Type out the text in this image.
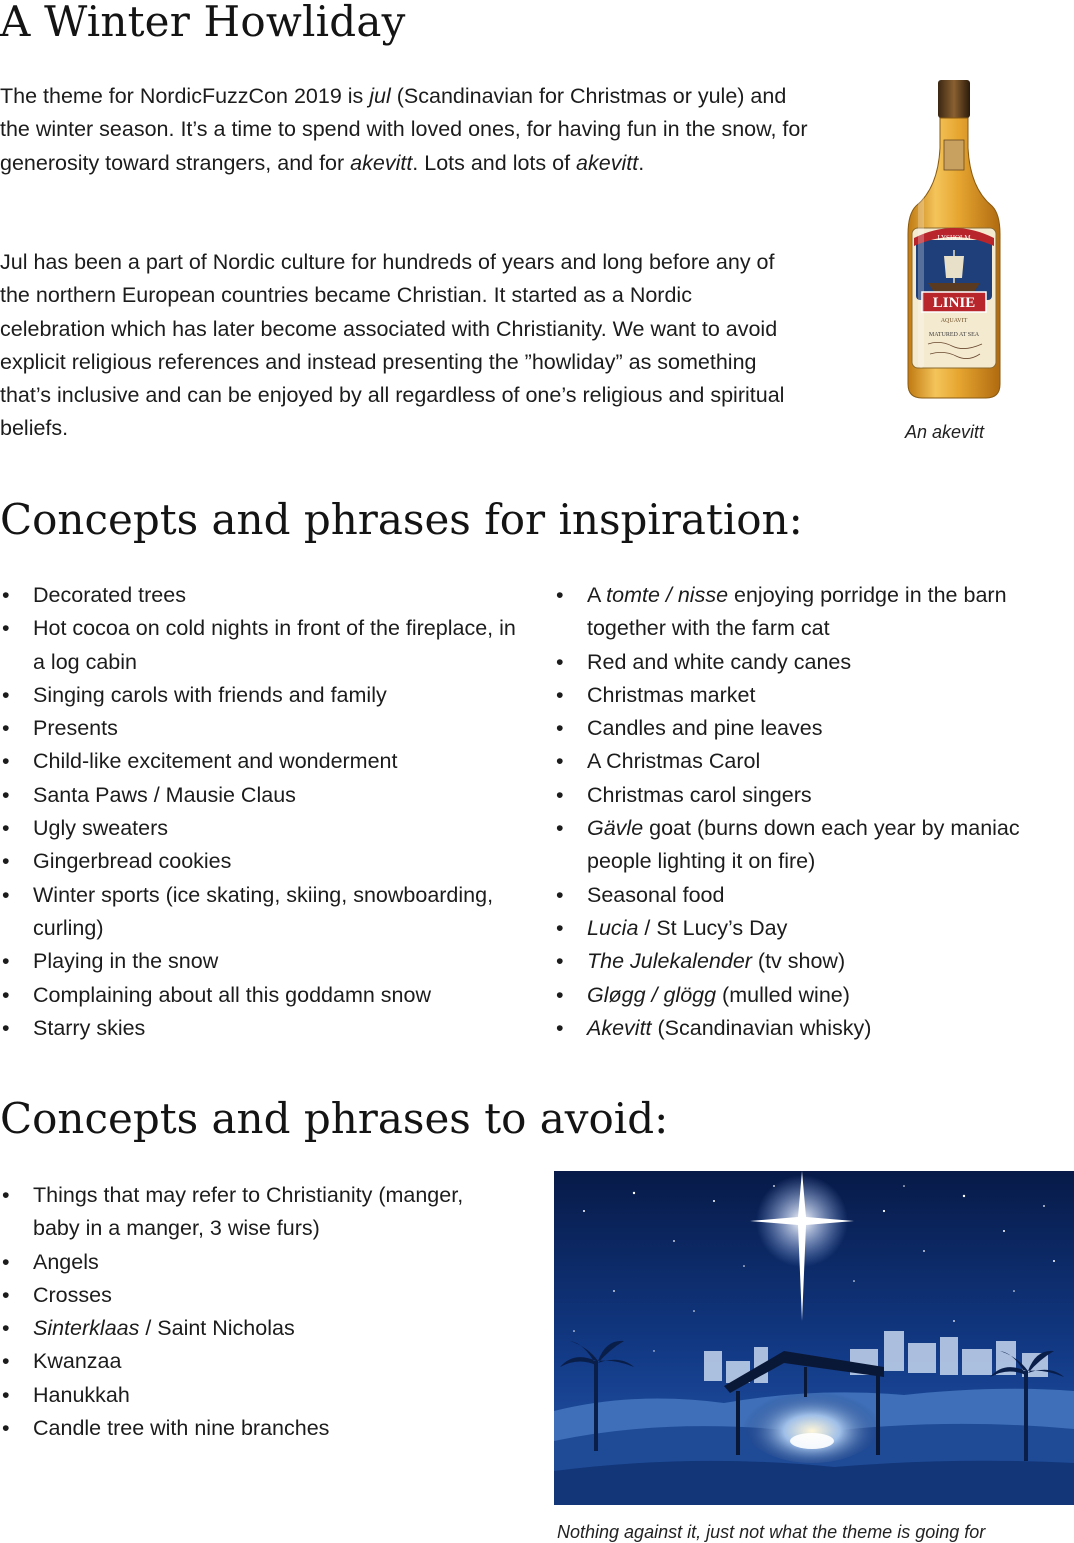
A Winter Howliday

The theme for NordicFuzzCon 2019 is jul (Scandinavian for Christmas or yule) and the winter season. It’s a time to spend with loved ones, for having fun in the snow, for generosity toward strangers, and for akevitt. Lots and lots of akevitt.

Jul has been a part of Nordic culture for hundreds of years and long before any of the northern European countries became Christian. It started as a Nordic celebration which has later become associated with Christianity. We want to avoid explicit religious references and instead presenting the ”howliday” as something that’s inclusive and can be enjoyed by all regardless of one’s religious and spiritual beliefs.

LYSHOLM
LINIE
AQUAVIT
MATURED AT SEA
An akevitt
Concepts and phrases for inspiration:
• Decorated trees
• Hot cocoa on cold nights in front of the fireplace, in a log cabin
• Singing carols with friends and family
• Presents
• Child-like excitement and wonderment
• Santa Paws / Mausie Claus
• Ugly sweaters
• Gingerbread cookies
• Winter sports (ice skating, skiing, snowboarding, curling)
• Playing in the snow
• Complaining about all this goddamn snow
• Starry skies
• A tomte / nisse enjoying porridge in the barn together with the farm cat
• Red and white candy canes
• Christmas market
• Candles and pine leaves
• A Christmas Carol
• Christmas carol singers
• Gävle goat (burns down each year by maniac people lighting it on fire)
• Seasonal food
• Lucia / St Lucy’s Day
• The Julekalender (tv show)
• Gløgg / glögg (mulled wine)
• Akevitt (Scandinavian whisky)
Concepts and phrases to avoid:
• Things that may refer to Christianity (manger, baby in a manger, 3 wise furs)
• Angels
• Crosses
• Sinterklaas / Saint Nicholas
• Kwanzaa
• Hanukkah
• Candle tree with nine branches
Nothing against it, just not what the theme is going for
